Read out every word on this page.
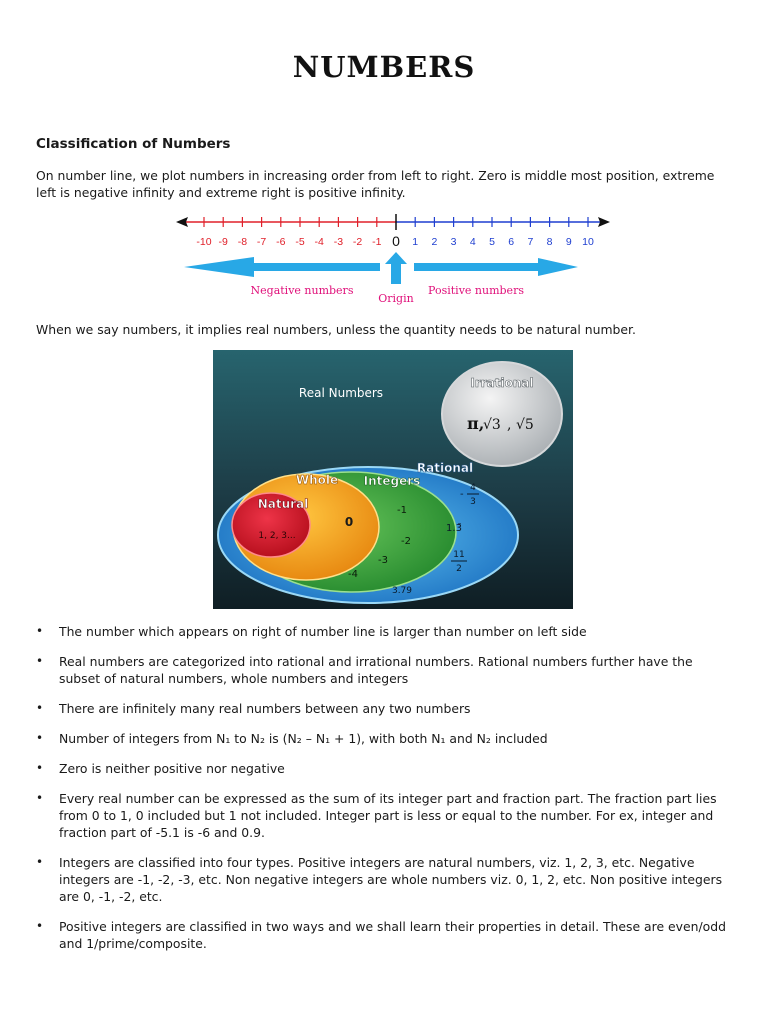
NUMBERS
Classification of Numbers
On number line, we plot numbers in increasing order from left to right. Zero is middle most position, extreme left is negative infinity and extreme right is positive infinity.
-10 -9 -8 -7 -6 -5 -4 -3 -2 -1	1 2 3 4 5 6 7 8 9 10
0
Negative numbers
Origin
Positive numbers
When we say numbers, it implies real numbers, unless the quantity needs to be natural number.
Real Numbers
Irrational
π,
√3 , √5
Rational
Integers
Whole
Natural
1, 2, 3...
0
-1
-2
-3
-4
-
4
3
1.3̄
11
2
3.79
• The number which appears on right of number line is larger than number on left side
• Real numbers are categorized into rational and irrational numbers. Rational numbers further have the subset of natural numbers, whole numbers and integers
• There are infinitely many real numbers between any two numbers
• Number of integers from N₁ to N₂ is (N₂ – N₁ + 1), with both N₁ and N₂ included
• Zero is neither positive nor negative
• Every real number can be expressed as the sum of its integer part and fraction part. The fraction part lies from 0 to 1, 0 included but 1 not included. Integer part is less or equal to the number. For ex, integer and fraction part of -5.1 is -6 and 0.9.
• Integers are classified into four types. Positive integers are natural numbers, viz. 1, 2, 3, etc. Negative integers are -1, -2, -3, etc. Non negative integers are whole numbers viz. 0, 1, 2, etc. Non positive integers are 0, -1, -2, etc.
• Positive integers are classified in two ways and we shall learn their properties in detail. These are even/odd and 1/prime/composite.
